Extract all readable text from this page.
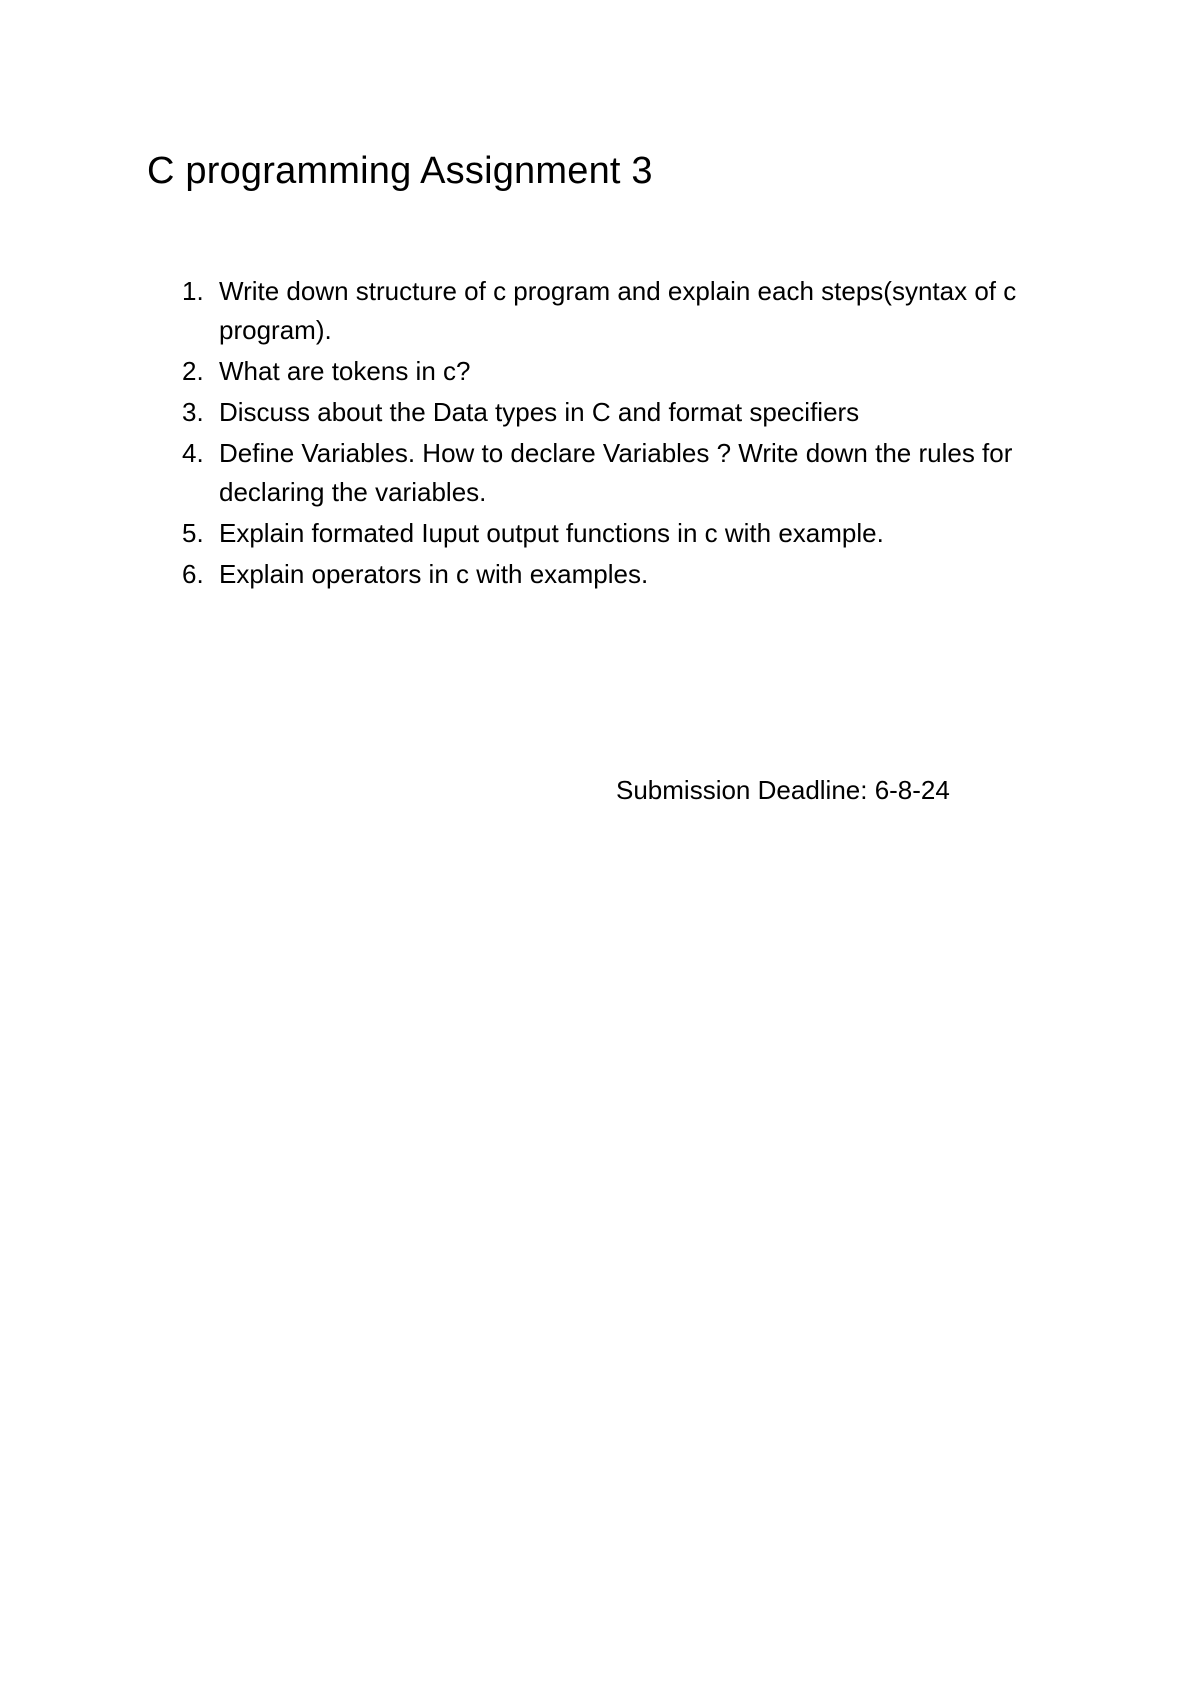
C programming Assignment 3
1. Write down structure of c program and explain each steps(syntax of c program).
2. What are tokens in c?
3. Discuss about the Data types in C and format specifiers
4. Define Variables. How to declare Variables ? Write down the rules for declaring the variables.
5. Explain formated Iuput output functions in c with example.
6. Explain operators in c with examples.
Submission Deadline: 6-8-24
